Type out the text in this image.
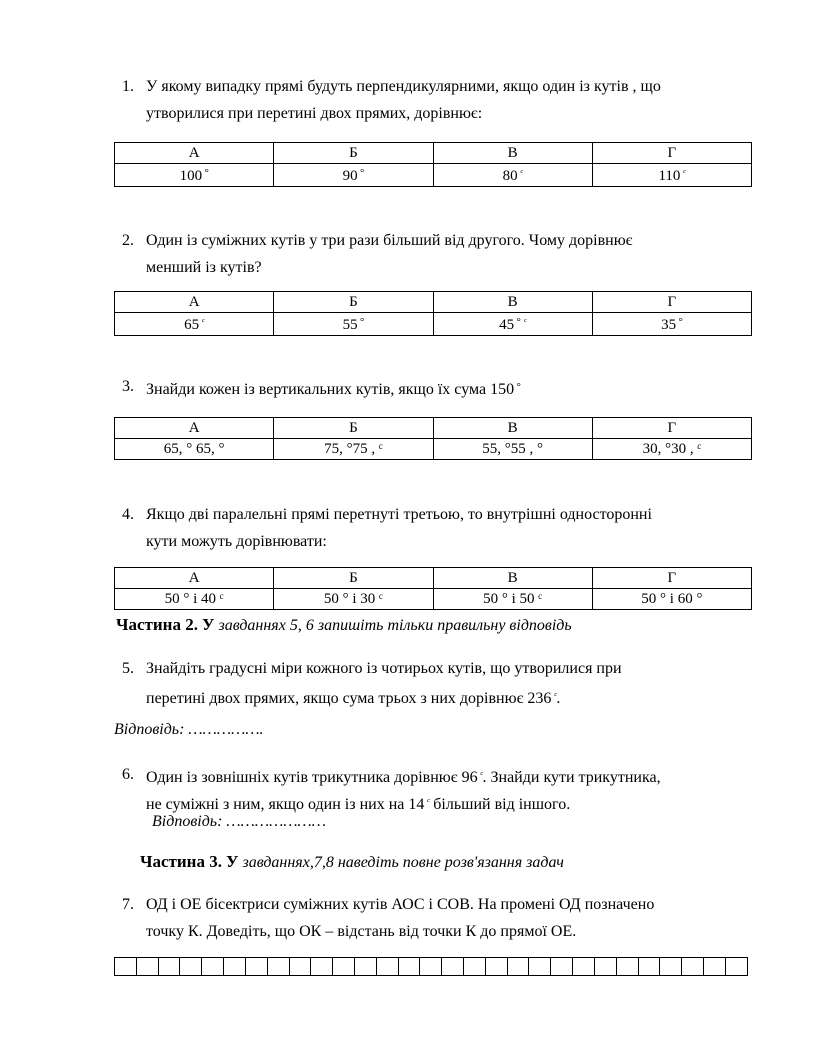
1. У якому випадку прямі будуть перпендикулярними, якщо один із кутів , що
утворилися при перетині двох прямих, дорівнює:
А	Б	В	Г
100 °	90 °	80 $^ᶜ$	110 $^ᶜ$
2. Один із суміжних кутів у три рази більший від другого. Чому дорівнює
менший із кутів?
А	Б	В	Г
65 $^ᶜ$	55 °	45 $^{^\circ ᶜ}$	35 °
3. Знайди кожен із вертикальних кутів, якщо їх сума 150 °
А	Б	В	Г
65, ° 65, °	75, °75 , ᶜ	55, °55 , °	30, °30 , ᶜ
4. Якщо дві паралельні прямі перетнуті третьою, то внутрішні односторонні
кути можуть дорівнювати:
А	Б	В	Г
50 ° і 40 ᶜ	50 ° і 30 ᶜ	50 ° і 50 ᶜ	50 ° і 60 °
Частина 2. У завданнях 5, 6 запишіть тільки правильну відповідь
5. Знайдіть градусні міри кожного із чотирьох кутів, що утворилися при
перетині двох прямих, якщо сума трьох з них дорівнює 236 $^ᶜ$.
Відповідь: …………….
6. Один із зовнішніх кутів трикутника дорівнює 96 $^ᶜ$. Знайди кути трикутника,
не суміжні з ним, якщо один із них на 14 $^ᶜ$ більший від іншого.
Відповідь: …………………
Частина 3. У завданнях,7,8 наведіть повне розв'язання задач
7. ОД і ОЕ бісектриси суміжних кутів АОС і СОВ. На промені ОД позначено
точку К. Доведіть, що ОК – відстань від точки К до прямої ОЕ.
